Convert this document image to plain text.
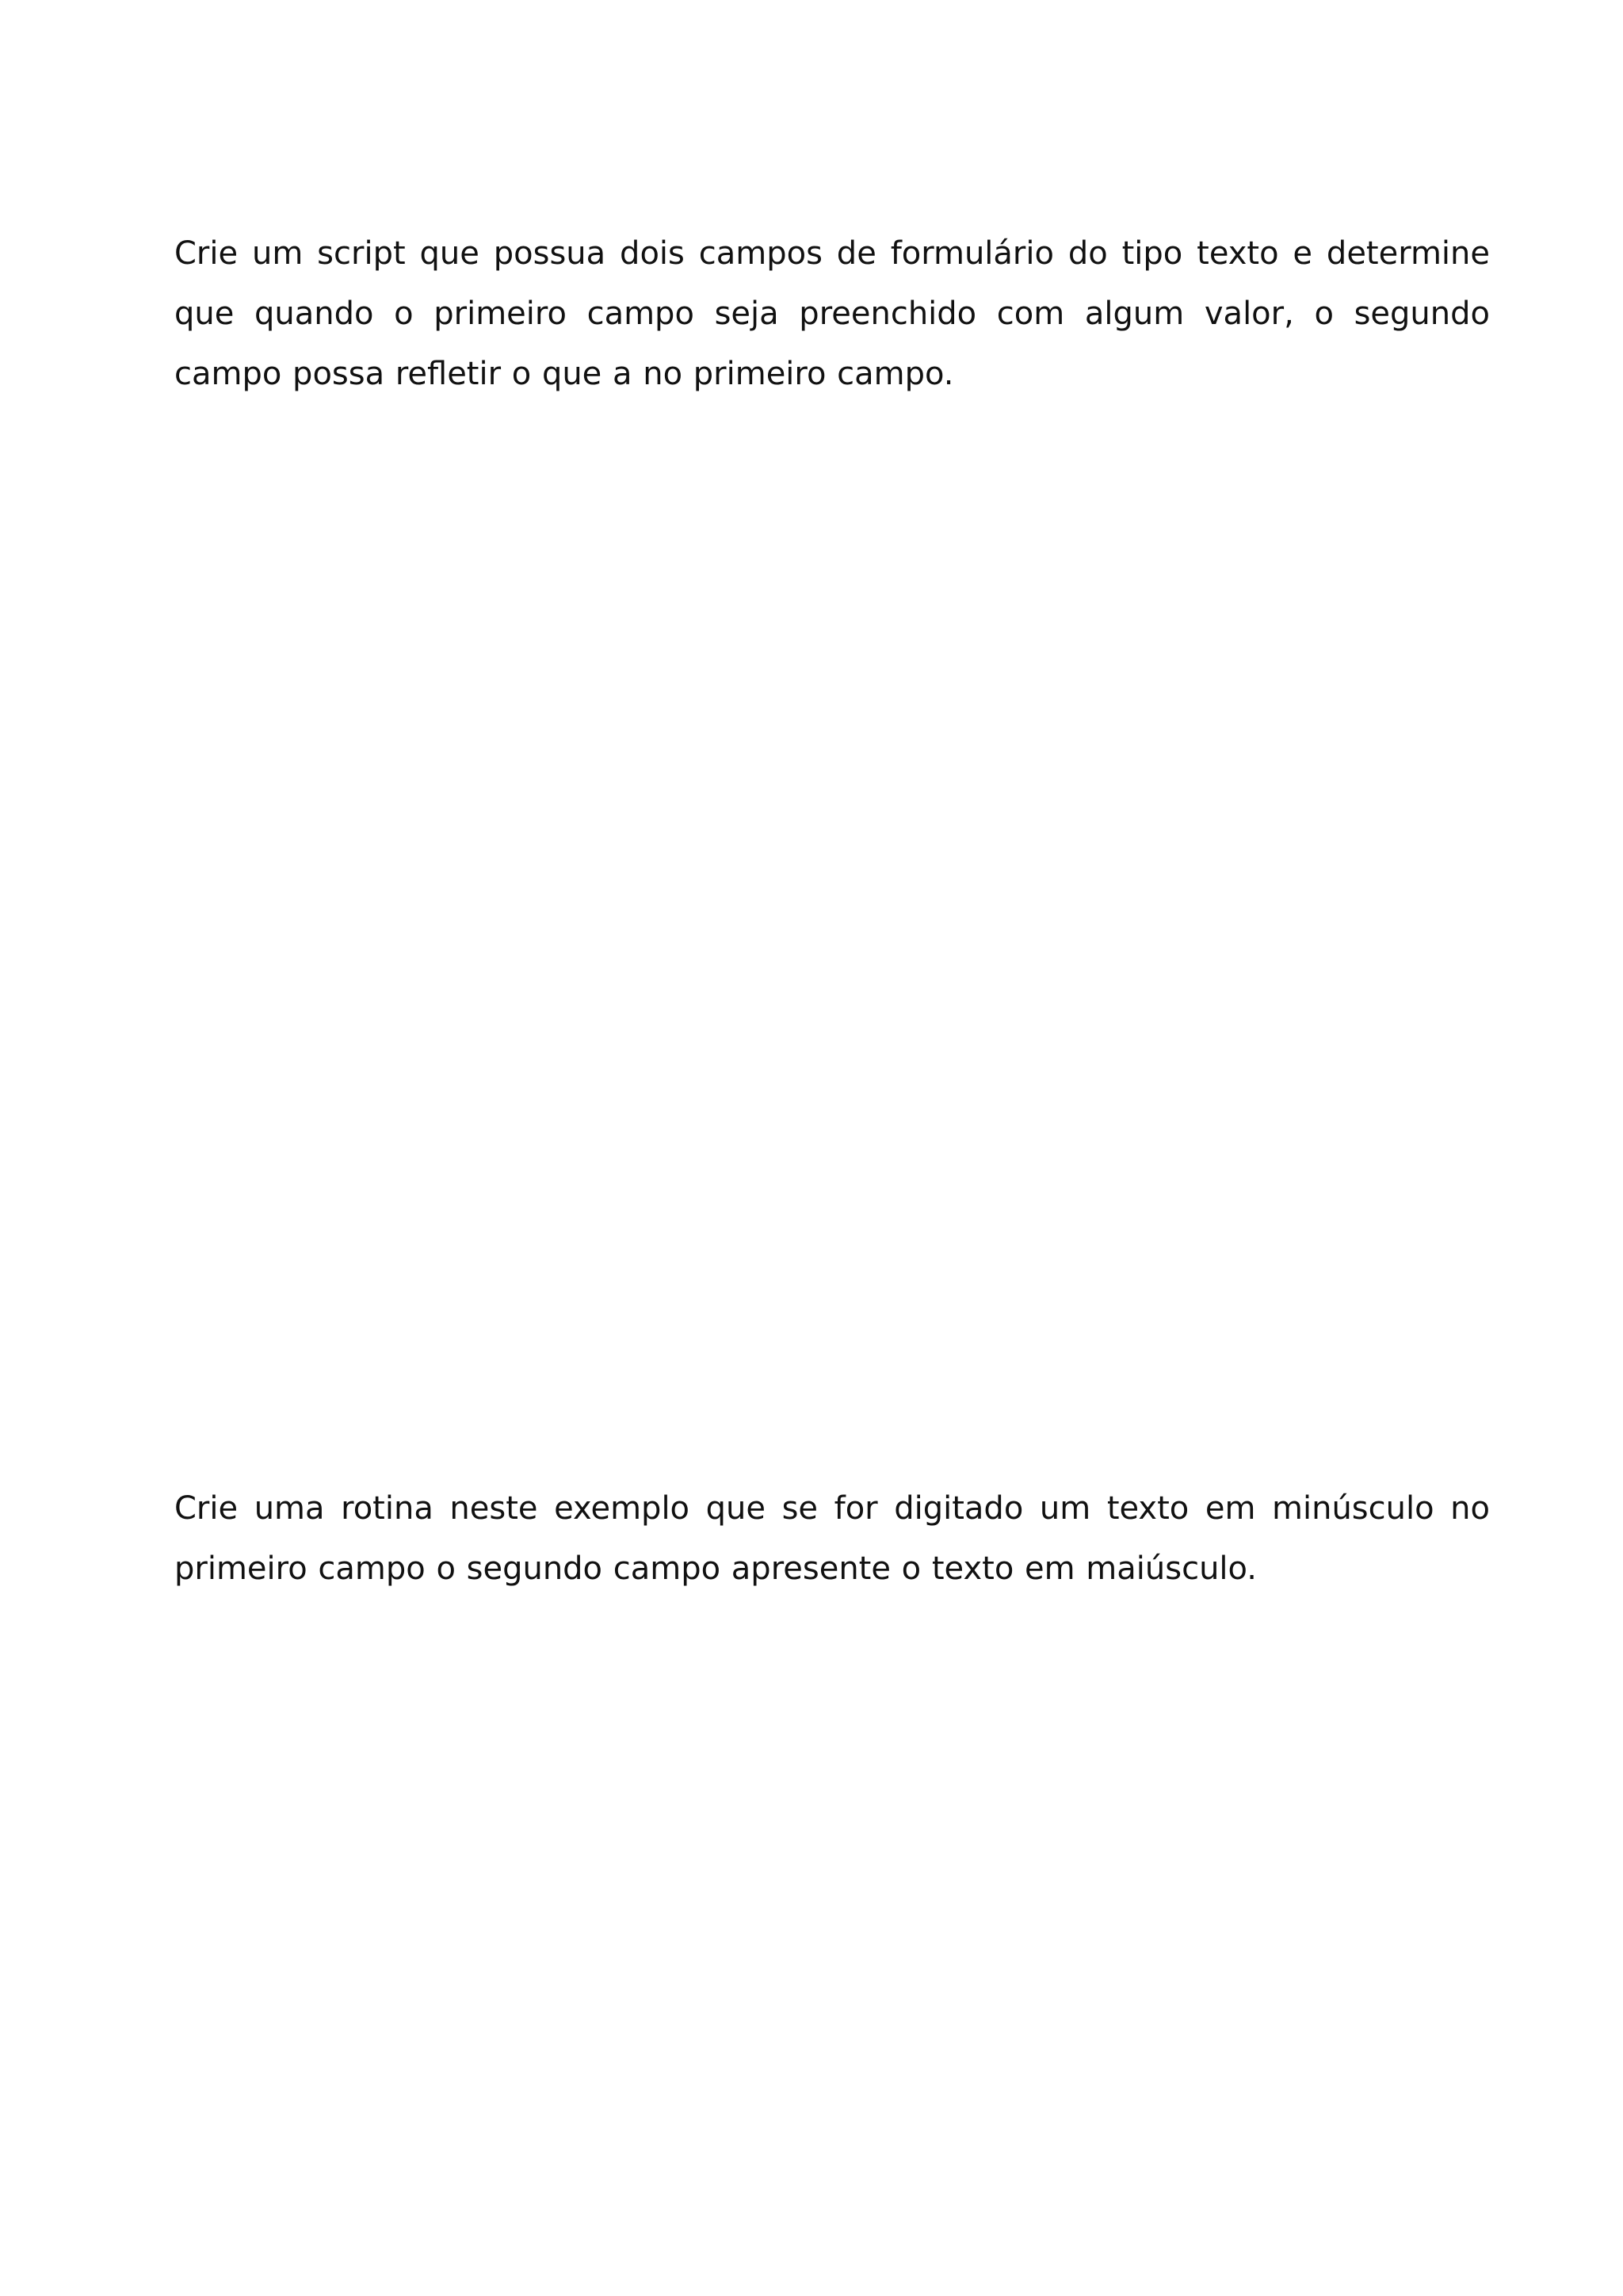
Crie um script que possua dois campos de formulário do tipo texto e determine que quando o primeiro campo seja preenchido com algum valor, o segundo campo possa refletir o que a no primeiro campo.

Crie uma rotina neste exemplo que se for digitado um texto em minúsculo no primeiro campo o segundo campo apresente o texto em maiúsculo.
